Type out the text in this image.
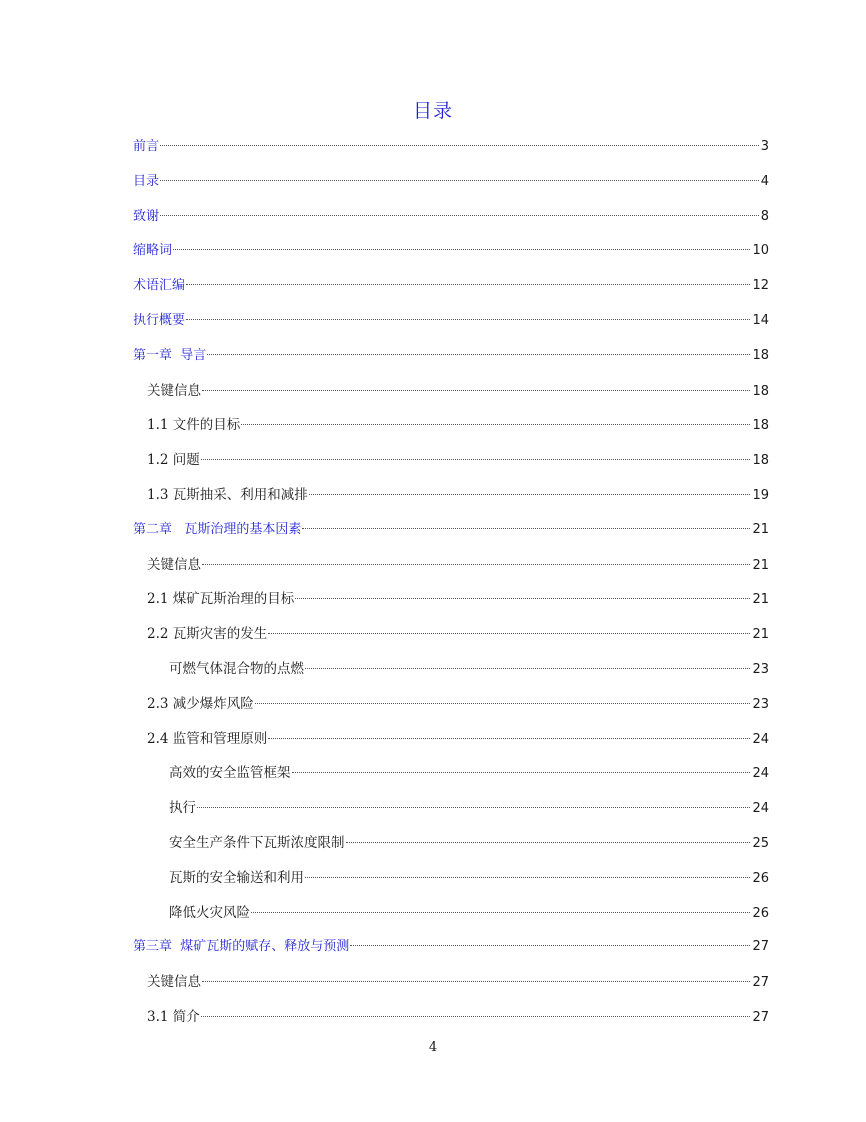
目录
前言	3
目录	4
致谢	8
缩略词	10
术语汇编	12
执行概要	14
第一章  导言	18
关键信息	18
1.1 文件的目标	18
1.2 问题	18
1.3 瓦斯抽采、利用和减排	19
第二章   瓦斯治理的基本因素	21
关键信息	21
2.1 煤矿瓦斯治理的目标	21
2.2 瓦斯灾害的发生	21
可燃气体混合物的点燃	23
2.3 减少爆炸风险	23
2.4 监管和管理原则	24
高效的安全监管框架	24
执行	24
安全生产条件下瓦斯浓度限制	25
瓦斯的安全输送和利用	26
降低火灾风险	26
第三章  煤矿瓦斯的赋存、释放与预测	27
关键信息	27
3.1 简介	27
4
